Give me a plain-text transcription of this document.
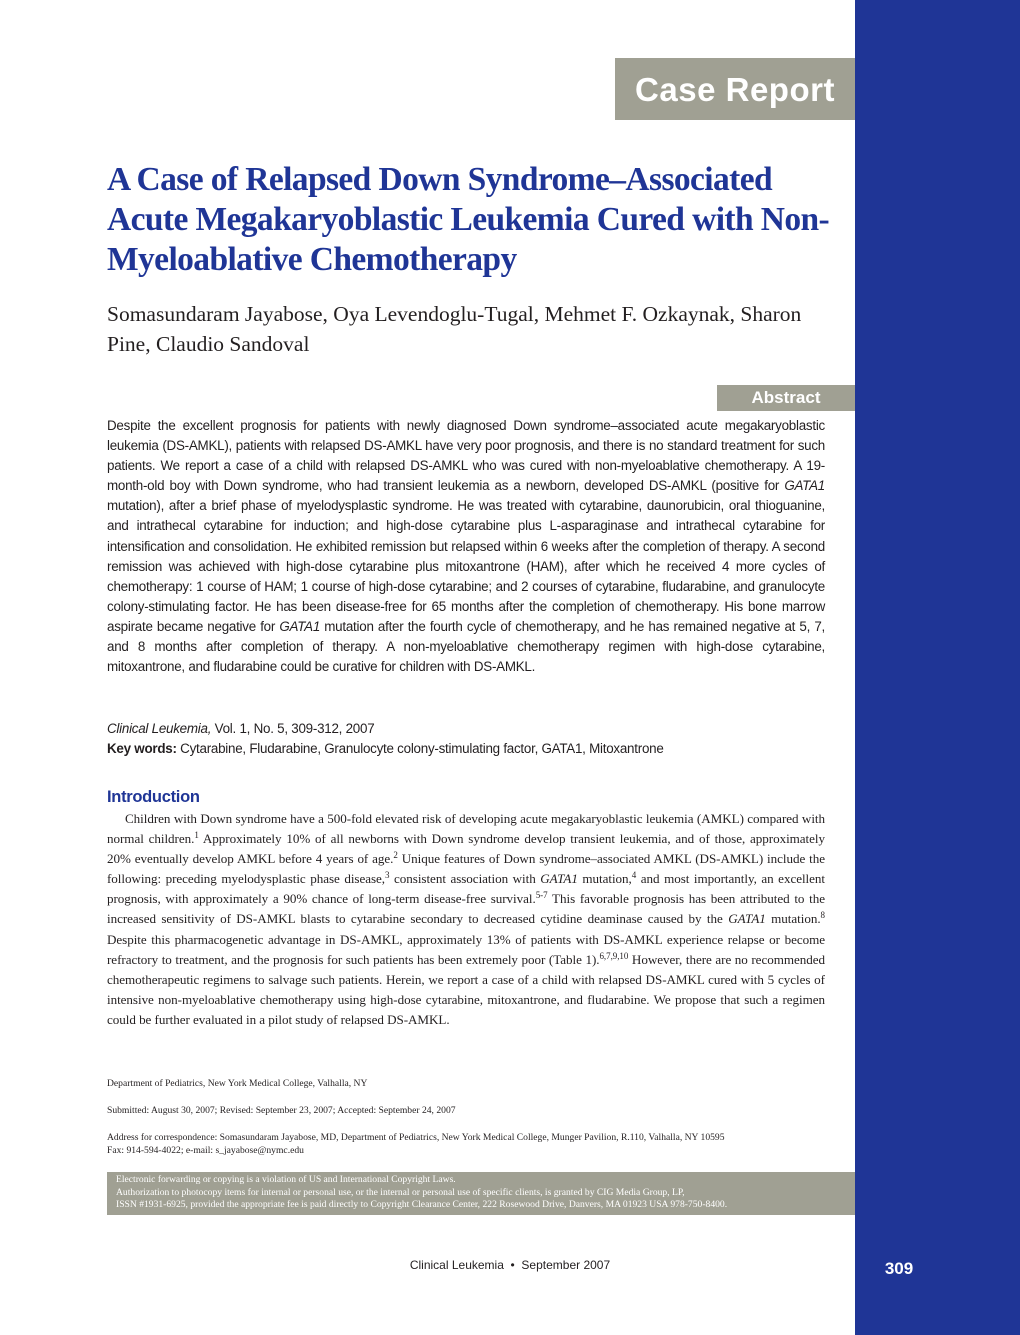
309
Case Report
A Case of Relapsed Down Syndrome–Associated Acute Megakaryoblastic Leukemia Cured with Non-Myeloablative Chemotherapy

Somasundaram Jayabose, Oya Levendoglu-Tugal, Mehmet F. Ozkaynak, Sharon Pine, Claudio Sandoval

Abstract

Despite the excellent prognosis for patients with newly diagnosed Down syndrome–associated acute megakaryoblastic leukemia (DS-AMKL), patients with relapsed DS-AMKL have very poor prognosis, and there is no standard treatment for such patients. We report a case of a child with relapsed DS-AMKL who was cured with non-myeloablative chemotherapy. A 19-month-old boy with Down syndrome, who had transient leukemia as a newborn, developed DS-AMKL (positive for GATA1 mutation), after a brief phase of myelodysplastic syndrome. He was treated with cytarabine, daunorubicin, oral thioguanine, and intrathecal cytarabine for induction; and high-dose cytarabine plus L-asparaginase and intrathecal cytarabine for intensification and consolidation. He exhibited remission but relapsed within 6 weeks after the completion of therapy. A second remission was achieved with high-dose cytarabine plus mitoxantrone (HAM), after which he received 4 more cycles of chemotherapy: 1 course of HAM; 1 course of high-dose cytarabine; and 2 courses of cytarabine, fludarabine, and granulocyte colony-stimulating factor. He has been disease-free for 65 months after the completion of chemotherapy. His bone marrow aspirate became negative for GATA1 mutation after the fourth cycle of chemotherapy, and he has remained negative at 5, 7, and 8 months after completion of therapy. A non-myeloablative chemotherapy regimen with high-dose cytarabine, mitoxantrone, and fludarabine could be curative for children with DS-AMKL.

Clinical Leukemia, Vol. 1, No. 5, 309-312, 2007

Key words: Cytarabine, Fludarabine, Granulocyte colony-stimulating factor, GATA1, Mitoxantrone

Introduction

Children with Down syndrome have a 500-fold elevated risk of developing acute megakaryoblastic leukemia (AMKL) compared with normal children.$^1$ Approximately 10% of all newborns with Down syndrome develop transient leukemia, and of those, approximately 20% eventually develop AMKL before 4 years of age.$^2$ Unique features of Down syndrome–associated AMKL (DS-AMKL) include the following: preceding myelodysplastic phase disease,$^3$ consistent association with GATA1 mutation,$^4$ and most importantly, an excellent prognosis, with approximately a 90% chance of long-term disease-free survival.$^{5-7}$ This favorable prognosis has been attributed to the increased sensitivity of DS-AMKL blasts to cytarabine secondary to decreased cytidine deaminase caused by the GATA1 mutation.$^8$ Despite this pharmacogenetic advantage in DS-AMKL, approximately 13% of patients with DS-AMKL experience relapse or become refractory to treatment, and the prognosis for such patients has been extremely poor (Table 1).$^{6,7,9,10}$ However, there are no recommended chemotherapeutic regimens to salvage such patients. Herein, we report a case of a child with relapsed DS-AMKL cured with 5 cycles of intensive non-myeloablative chemotherapy using high-dose cytarabine, mitoxantrone, and fludarabine. We propose that such a regimen could be further evaluated in a pilot study of relapsed DS-AMKL.

Department of Pediatrics, New York Medical College, Valhalla, NY

Submitted: August 30, 2007; Revised: September 23, 2007; Accepted: September 24, 2007

Address for correspondence: Somasundaram Jayabose, MD, Department of Pediatrics, New York Medical College, Munger Pavilion, R.110, Valhalla, NY 10595
Fax: 914-594-4022; e-mail: s_jayabose@nymc.edu
Electronic forwarding or copying is a violation of US and International Copyright Laws.
Authorization to photocopy items for internal or personal use, or the internal or personal use of specific clients, is granted by CIG Media Group, LP,
ISSN #1931-6925, provided the appropriate fee is paid directly to Copyright Clearance Center, 222 Rosewood Drive, Danvers, MA 01923 USA 978-750-8400.
Clinical Leukemia • September 2007
